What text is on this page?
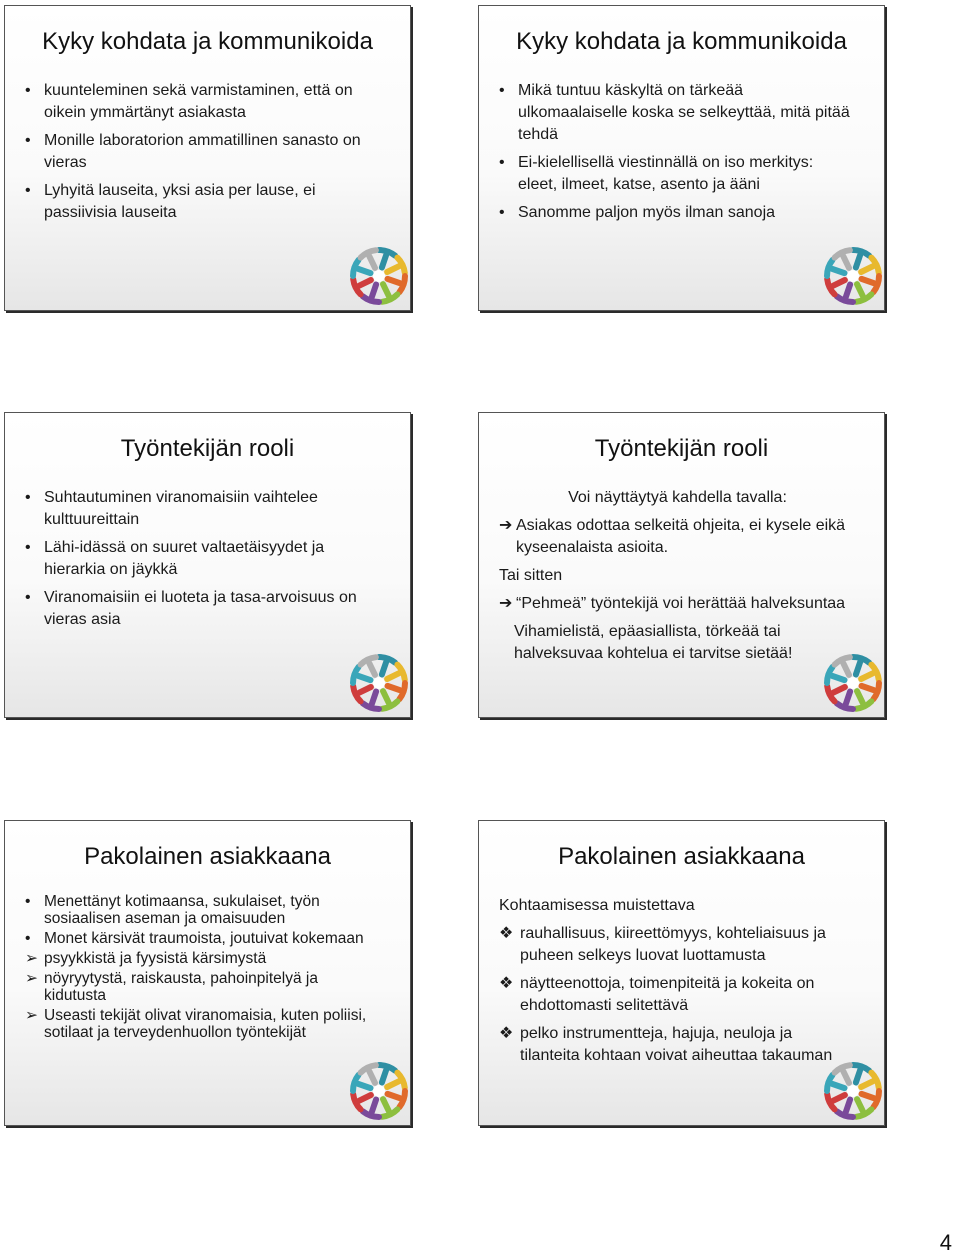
Kyky kohdata ja kommunikoida
• kuunteleminen sekä varmistaminen, että on oikein ymmärtänyt asiakasta
• Monille laboratorion ammatillinen sanasto on vieras
• Lyhyitä lauseita, yksi asia per lause, ei passiivisia lauseita
Kyky kohdata ja kommunikoida
• Mikä tuntuu käskyltä on tärkeää ulkomaalaiselle koska se selkeyttää, mitä pitää tehdä
• Ei-kielellisellä viestinnällä on iso merkitys: eleet, ilmeet, katse, asento ja ääni
• Sanomme paljon myös ilman sanoja
Työntekijän rooli
• Suhtautuminen viranomaisiin vaihtelee kulttuureittain
• Lähi-idässä on suuret valtaetäisyydet ja hierarkia on jäykkä
• Viranomaisiin ei luoteta ja tasa-arvoisuus on vieras asia
Työntekijän rooli
Voi näyttäytyä kahdella tavalla:
➔ Asiakas odottaa selkeitä ohjeita, ei kysele eikä kyseenalaista asioita.
Tai sitten
➔ “Pehmeä” työntekijä voi herättää halveksuntaa
Vihamielistä, epäasiallista, törkeää tai halveksuvaa kohtelua ei tarvitse sietää!
Pakolainen asiakkaana
• Menettänyt kotimaansa, sukulaiset, työn sosiaalisen aseman ja omaisuuden
• Monet kärsivät traumoista, joutuivat kokemaan
➢ psyykkistä ja fyysistä kärsimystä
➢ nöyryytystä, raiskausta, pahoinpitelyä ja kidutusta
➢ Useasti tekijät olivat viranomaisia, kuten poliisi, sotilaat ja terveydenhuollon työntekijät
Pakolainen asiakkaana
Kohtaamisessa muistettava
❖ rauhallisuus, kiireettömyys, kohteliaisuus ja puheen selkeys luovat luottamusta
❖ näytteenottoja, toimenpiteitä ja kokeita on ehdottomasti selitettävä
❖ pelko instrumentteja, hajuja, neuloja ja tilanteita kohtaan voivat aiheuttaa takauman
4
